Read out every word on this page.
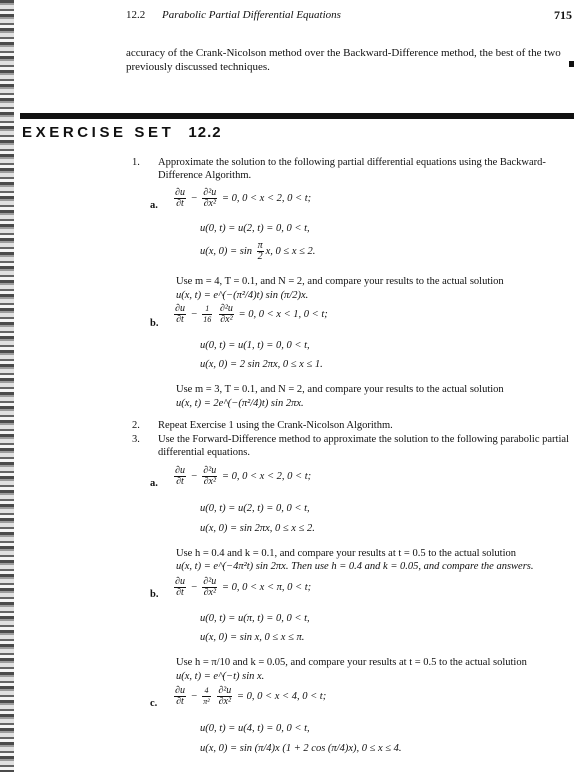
12.2 Parabolic Partial Differential Equations	715
accuracy of the Crank-Nicolson method over the Backward-Difference method, the best of the two previously discussed techniques.
EXERCISE SET 12.2
1. Approximate the solution to the following partial differential equations using the Backward-Difference Algorithm.
a. $\frac{\partial u}{\partial t} - \frac{\text{∂²u}}{\text{∂x²}} = 0$, 0 < x < 2, 0 < t;
u(0, t) = u(2, t) = 0, 0 < t,
u(x, $0) = \sin \frac{\pi}{2} x$, 0 ≤ x ≤ 2.
Use m = 4, T = 0.1, and N = 2, and compare your results to the actual solution
u(x, t) = e^(−(π²/4)t) sin (π/2)x.
b. $\frac{\partial u}{\partial t} - \frac{1}{16}$
$\frac{\text{∂²u}}{\text{∂x²}} = 0$, 0 < x < 1, 0 < t;
u(0, t) = u(1, t) = 0, 0 < t,
u(x, 0) = 2 sin 2πx, 0 ≤ x ≤ 1.
Use m = 3, T = 0.1, and N = 2, and compare your results to the actual solution
u(x, t) = 2e^(−(π²/4)t) sin 2πx.
2. Repeat Exercise 1 using the Crank-Nicolson Algorithm.
3. Use the Forward-Difference method to approximate the solution to the following parabolic partial differential equations.
a. $\frac{\partial u}{\partial t} - \frac{\text{∂²u}}{\text{∂x²}} = 0$, 0 < x < 2, 0 < t;
u(0, t) = u(2, t) = 0, 0 < t,
u(x, 0) = sin 2πx, 0 ≤ x ≤ 2.
Use h = 0.4 and k = 0.1, and compare your results at t = 0.5 to the actual solution
u(x, t) = e^(−4π²t) sin 2πx. Then use h = 0.4 and k = 0.05, and compare the answers.
b. $\frac{\partial u}{\partial t} - \frac{\text{∂²u}}{\text{∂x²}} = 0$, 0 < x < π, 0 < t;
u(0, t) = u(π, t) = 0, 0 < t,
u(x, 0) = sin x, 0 ≤ x ≤ π.
Use h = π/10 and k = 0.05, and compare your results at t = 0.5 to the actual solution
u(x, t) = e^(−t) sin x.
c. $\frac{\partial u}{\partial t} - \frac{4}{\text{π²}}$
$\frac{\text{∂²u}}{\text{∂x²}} = 0$, 0 < x < 4, 0 < t;
u(0, t) = u(4, t) = 0, 0 < t,
u(x, 0) = sin (π/4)x (1 + 2 cos (π/4)x), 0 ≤ x ≤ 4.
